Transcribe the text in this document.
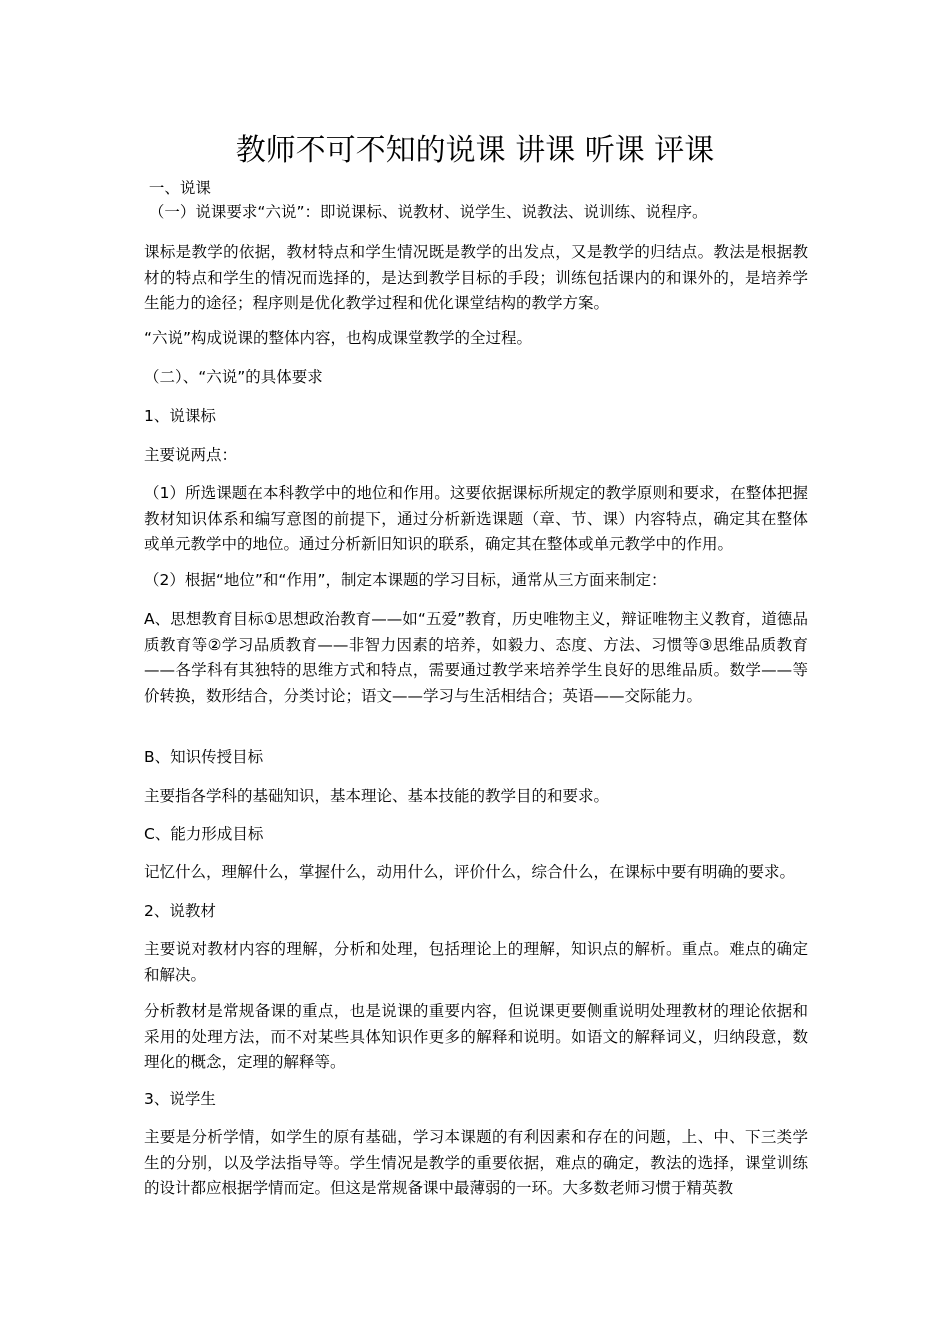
教师不可不知的说课 讲课 听课 评课

一、说课

（一）说课要求“六说”：即说课标、说教材、说学生、说教法、说训练、说程序。

课标是教学的依据，教材特点和学生情况既是教学的出发点，又是教学的归结点。教法是根据教材的特点和学生的情况而选择的，是达到教学目标的手段；训练包括课内的和课外的，是培养学生能力的途径；程序则是优化教学过程和优化课堂结构的教学方案。

“六说”构成说课的整体内容，也构成课堂教学的全过程。

（二）、“六说”的具体要求

1、说课标

主要说两点：

（1）所选课题在本科教学中的地位和作用。这要依据课标所规定的教学原则和要求，在整体把握教材知识体系和编写意图的前提下，通过分析新选课题（章、节、课）内容特点，确定其在整体或单元教学中的地位。通过分析新旧知识的联系，确定其在整体或单元教学中的作用。

（2）根据“地位”和“作用”，制定本课题的学习目标，通常从三方面来制定：

A、思想教育目标①思想政治教育——如“五爱”教育，历史唯物主义，辩证唯物主义教育，道德品质教育等②学习品质教育——非智力因素的培养，如毅力、态度、方法、习惯等③思维品质教育——各学科有其独特的思维方式和特点，需要通过教学来培养学生良好的思维品质。数学——等价转换，数形结合，分类讨论；语文——学习与生活相结合；英语——交际能力。

B、知识传授目标

主要指各学科的基础知识，基本理论、基本技能的教学目的和要求。

C、能力形成目标

记忆什么，理解什么，掌握什么，动用什么，评价什么，综合什么，在课标中要有明确的要求。

2、说教材

主要说对教材内容的理解，分析和处理，包括理论上的理解，知识点的解析。重点。难点的确定和解决。

分析教材是常规备课的重点，也是说课的重要内容，但说课更要侧重说明处理教材的理论依据和采用的处理方法，而不对某些具体知识作更多的解释和说明。如语文的解释词义，归纳段意，数理化的概念，定理的解释等。

3、说学生

主要是分析学情，如学生的原有基础，学习本课题的有利因素和存在的问题，上、中、下三类学生的分别，以及学法指导等。学生情况是教学的重要依据，难点的确定，教法的选择，课堂训练的设计都应根据学情而定。但这是常规备课中最薄弱的一环。大多数老师习惯于精英教
